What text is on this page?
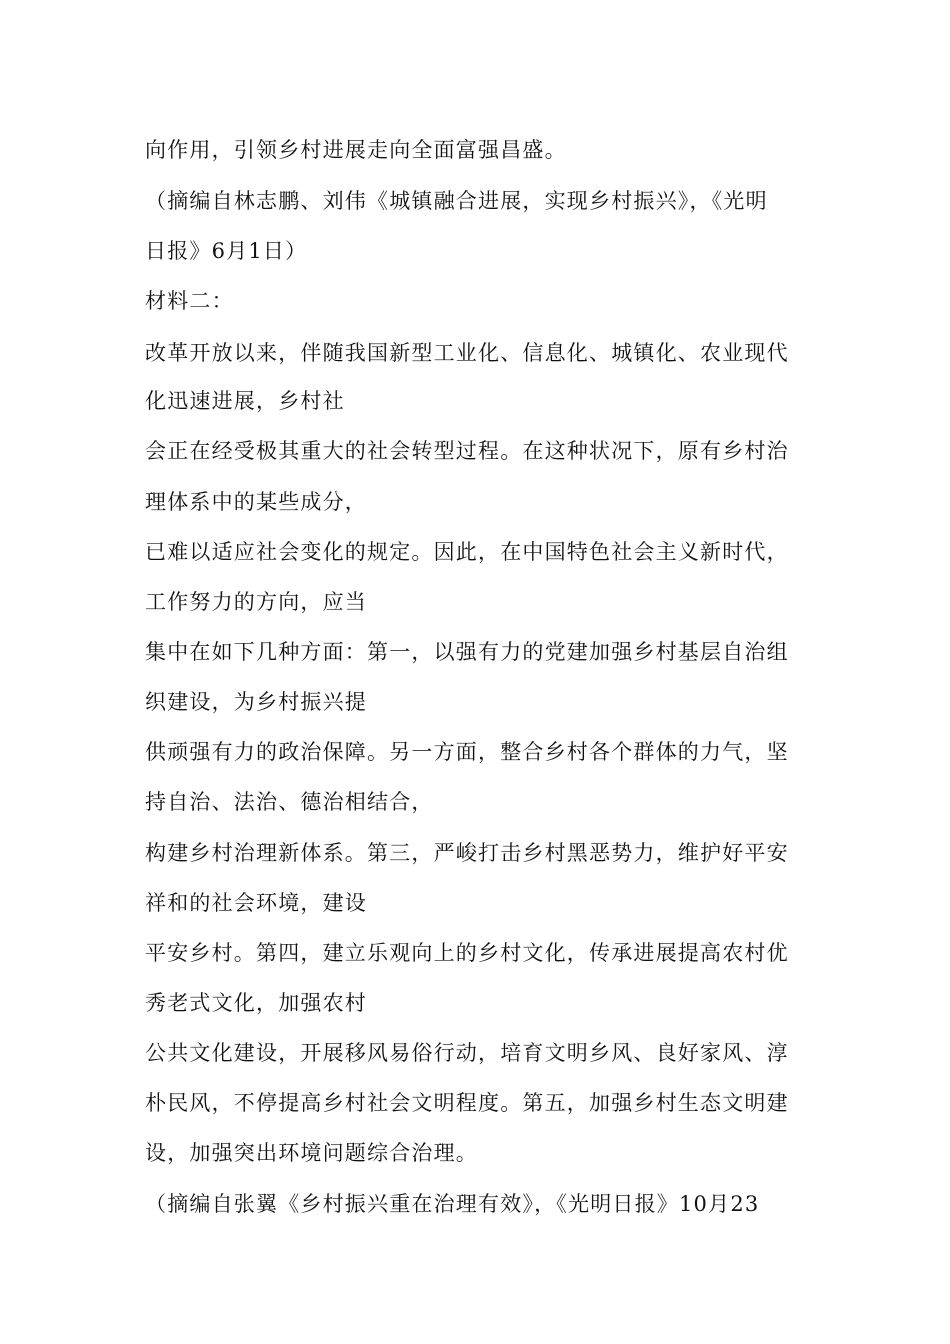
向作用，引领乡村进展走向全面富强昌盛。
（摘编自林志鹏、刘伟《城镇融合进展，实现乡村振兴》，《光明
日报》6月1日）
材料二：
改革开放以来，伴随我国新型工业化、信息化、城镇化、农业现代
化迅速进展，乡村社
会正在经受极其重大的社会转型过程。在这种状况下，原有乡村治
理体系中的某些成分，
已难以适应社会变化的规定。因此，在中国特色社会主义新时代，
工作努力的方向，应当
集中在如下几种方面：第一，以强有力的党建加强乡村基层自治组
织建设，为乡村振兴提
供顽强有力的政治保障。另一方面，整合乡村各个群体的力气，坚
持自治、法治、德治相结合，
构建乡村治理新体系。第三，严峻打击乡村黑恶势力，维护好平安
祥和的社会环境，建设
平安乡村。第四，建立乐观向上的乡村文化，传承进展提高农村优
秀老式文化，加强农村
公共文化建设，开展移风易俗行动，培育文明乡风、良好家风、淳
朴民风，不停提高乡村社会文明程度。第五，加强乡村生态文明建
设，加强突出环境问题综合治理。
（摘编自张翼《乡村振兴重在治理有效》，《光明日报》10月23
